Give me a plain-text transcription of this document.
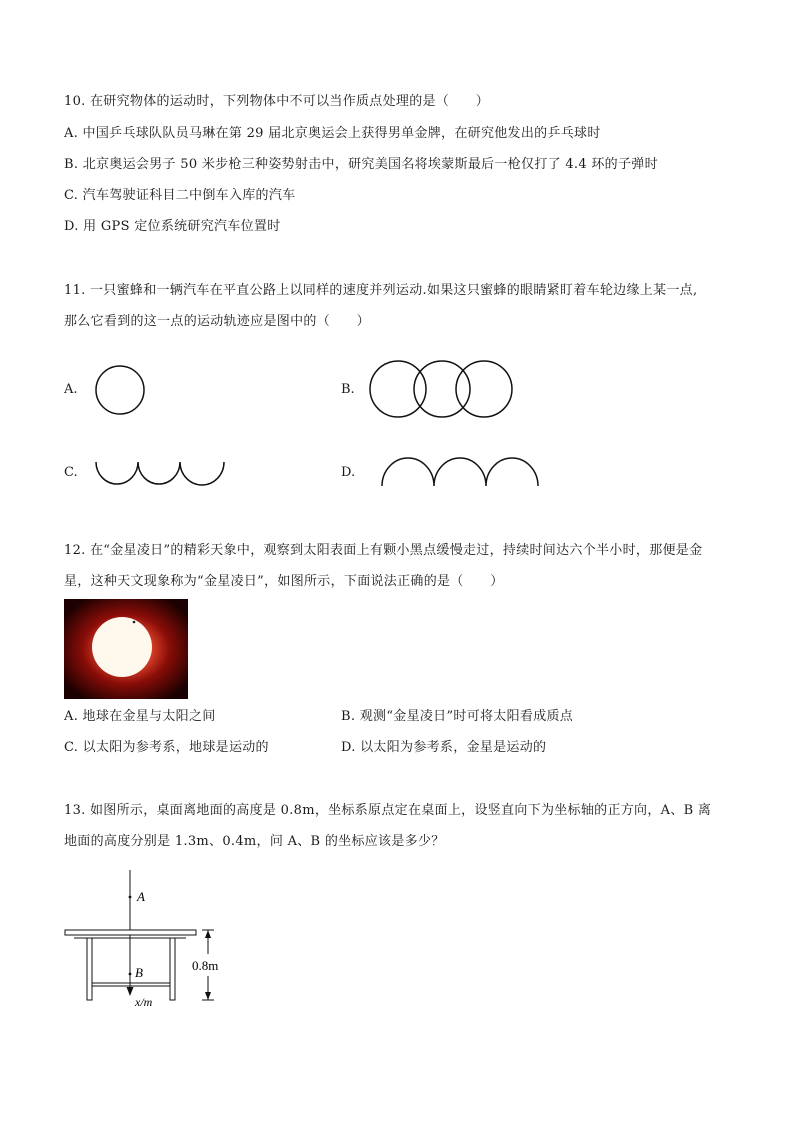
10. 在研究物体的运动时，下列物体中不可以当作质点处理的是（　　）
A. 中国乒乓球队队员马琳在第 29 届北京奥运会上获得男单金牌，在研究他发出的乒乓球时
B. 北京奥运会男子 50 米步枪三种姿势射击中，研究美国名将埃蒙斯最后一枪仅打了 4.4 环的子弹时
C. 汽车驾驶证科目二中倒车入库的汽车
D. 用 GPS 定位系统研究汽车位置时
11. 一只蜜蜂和一辆汽车在平直公路上以同样的速度并列运动.如果这只蜜蜂的眼睛紧盯着车轮边缘上某一点,
那么它看到的这一点的运动轨迹应是图中的（　　）
A.	B.
C.	D.
12. 在“金星凌日”的精彩天象中，观察到太阳表面上有颗小黑点缓慢走过，持续时间达六个半小时，那便是金
星，这种天文现象称为“金星凌日”，如图所示，下面说法正确的是（　　）
A. 地球在金星与太阳之间	B. 观测“金星凌日”时可将太阳看成质点
C. 以太阳为参考系，地球是运动的	D. 以太阳为参考系，金星是运动的
13. 如图所示，桌面离地面的高度是 0.8m，坐标系原点定在桌面上，设竖直向下为坐标轴的正方向，A、B 离
地面的高度分别是 1.3m、0.4m，问 A、B 的坐标应该是多少？
A
B
x/m
0.8m
